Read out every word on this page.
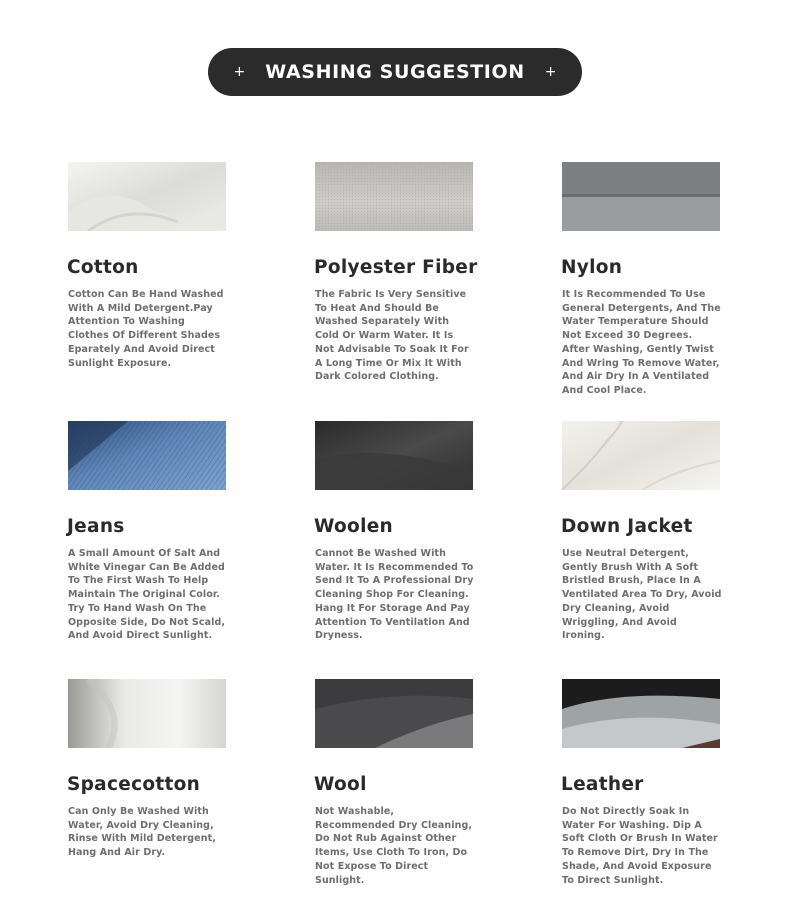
+ WASHING SUGGESTION +
Cotton
Cotton Can Be Hand Washed With A Mild Detergent.Pay Attention To Washing Clothes Of Different Shades Eparately And Avoid Direct Sunlight Exposure.
Polyester Fiber
The Fabric Is Very Sensitive To Heat And Should Be Washed Separately With Cold Or Warm Water. It Is Not Advisable To Soak It For A Long Time Or Mix It With Dark Colored Clothing.
Nylon
It Is Recommended To Use General Detergents, And The Water Temperature Should Not Exceed 30 Degrees. After Washing, Gently Twist And Wring To Remove Water, And Air Dry In A Ventilated And Cool Place.
Jeans
A Small Amount Of Salt And White Vinegar Can Be Added To The First Wash To Help Maintain The Original Color. Try To Hand Wash On The Opposite Side, Do Not Scald, And Avoid Direct Sunlight.
Woolen
Cannot Be Washed With Water. It Is Recommended To Send It To A Professional Dry Cleaning Shop For Cleaning. Hang It For Storage And Pay Attention To Ventilation And Dryness.
Down Jacket
Use Neutral Detergent, Gently Brush With A Soft Bristled Brush, Place In A Ventilated Area To Dry, Avoid Dry Cleaning, Avoid Wriggling, And Avoid Ironing.
Spacecotton
Can Only Be Washed With Water, Avoid Dry Cleaning, Rinse With Mild Detergent, Hang And Air Dry.
Wool
Not Washable, Recommended Dry Cleaning, Do Not Rub Against Other Items, Use Cloth To Iron, Do Not Expose To Direct Sunlight.
Leather
Do Not Directly Soak In Water For Washing. Dip A Soft Cloth Or Brush In Water To Remove Dirt, Dry In The Shade, And Avoid Exposure To Direct Sunlight.
